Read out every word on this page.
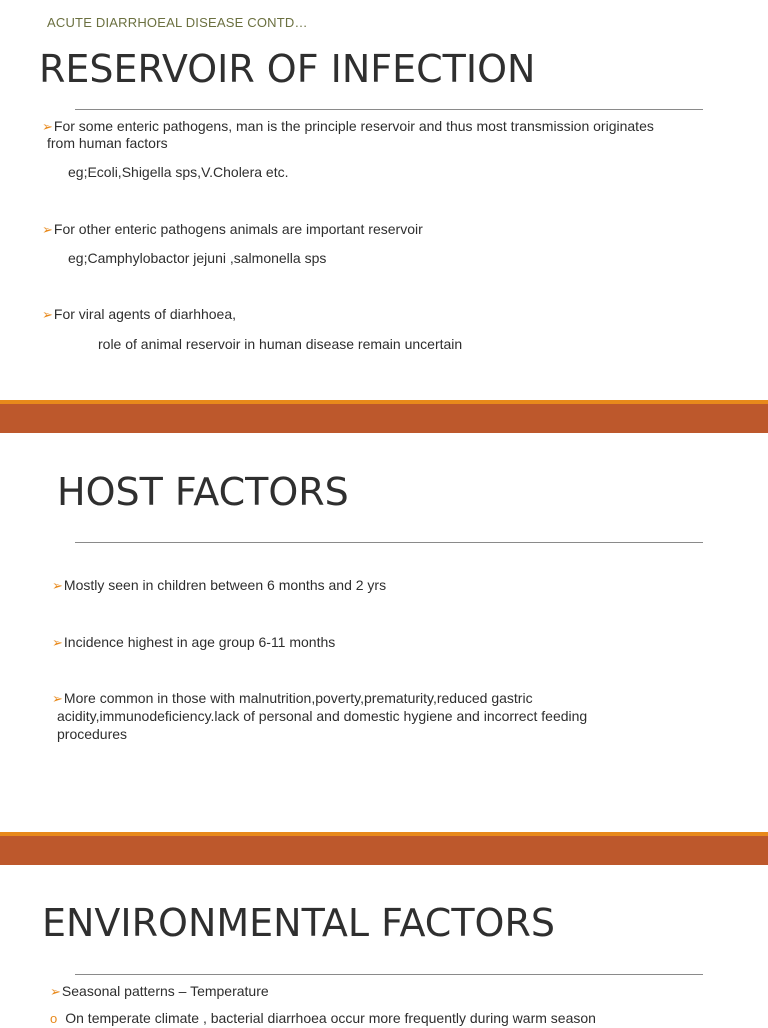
ACUTE DIARRHOEAL DISEASE CONTD…
RESERVOIR OF INFECTION
➢For some enteric pathogens, man is the principle reservoir and thus most transmission originates
from human factors
eg;Ecoli,Shigella sps,V.Cholera etc.
➢For other enteric pathogens animals are important reservoir
eg;Camphylobactor jejuni ,salmonella sps
➢For viral agents of diarhhoea,
role of animal reservoir in human disease remain uncertain
HOST FACTORS
➢Mostly seen in children between 6 months and 2 yrs
➢Incidence highest in age group 6-11 months
➢More common in those with malnutrition,poverty,prematurity,reduced gastric
acidity,immunodeficiency.lack of personal and domestic hygiene and incorrect feeding
procedures
ENVIRONMENTAL FACTORS
➢Seasonal patterns – Temperature
o On temperate climate , bacterial diarrhoea occur more frequently during warm season
